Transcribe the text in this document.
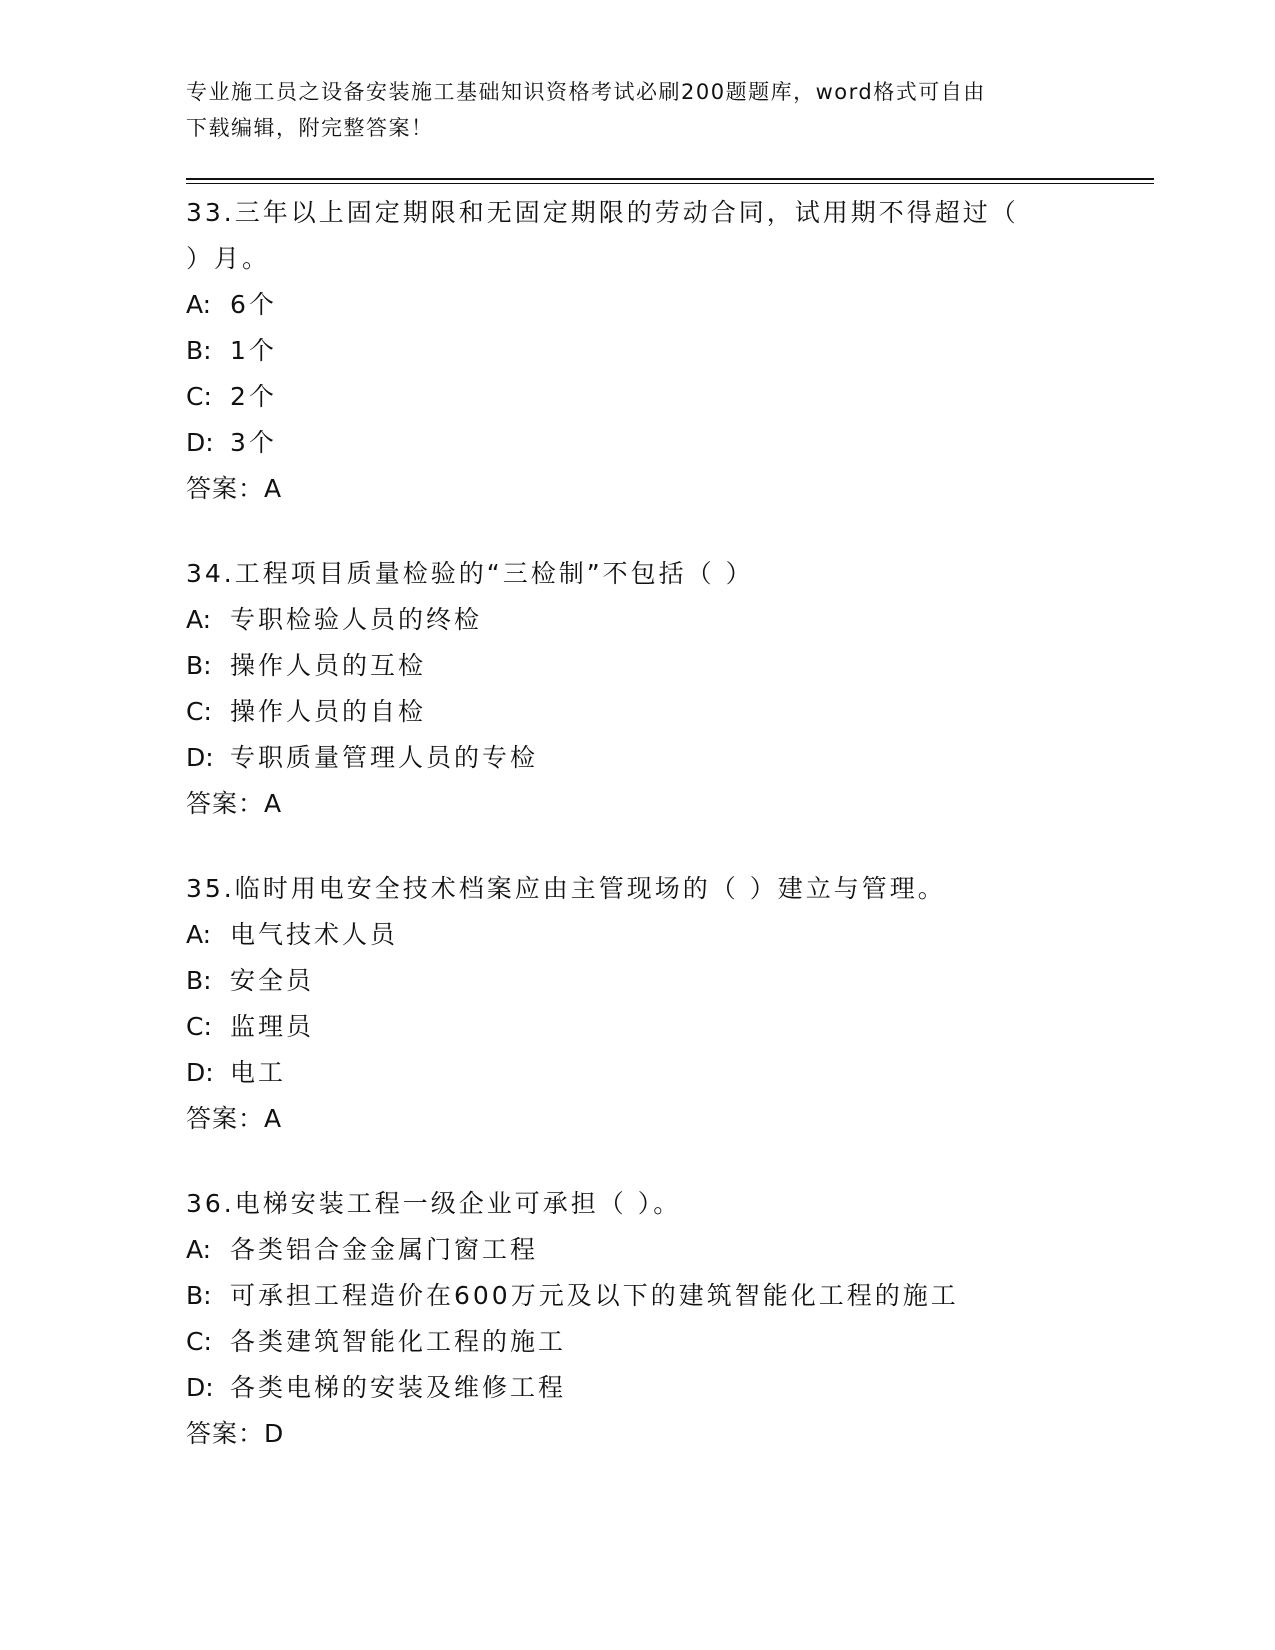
专业施工员之设备安装施工基础知识资格考试必刷200题题库，word格式可自由
下载编辑，附完整答案！
33.三年以上固定期限和无固定期限的劳动合同，试用期不得超过（
）月。
A: 6个
B: 1个
C: 2个
D: 3个
答案：A
34.工程项目质量检验的“三检制”不包括（ ）
A: 专职检验人员的终检
B: 操作人员的互检
C: 操作人员的自检
D: 专职质量管理人员的专检
答案：A
35.临时用电安全技术档案应由主管现场的（ ）建立与管理。
A: 电气技术人员
B: 安全员
C: 监理员
D: 电工
答案：A
36.电梯安装工程一级企业可承担（ ）。
A: 各类铝合金金属门窗工程
B: 可承担工程造价在600万元及以下的建筑智能化工程的施工
C: 各类建筑智能化工程的施工
D: 各类电梯的安装及维修工程
答案：D
